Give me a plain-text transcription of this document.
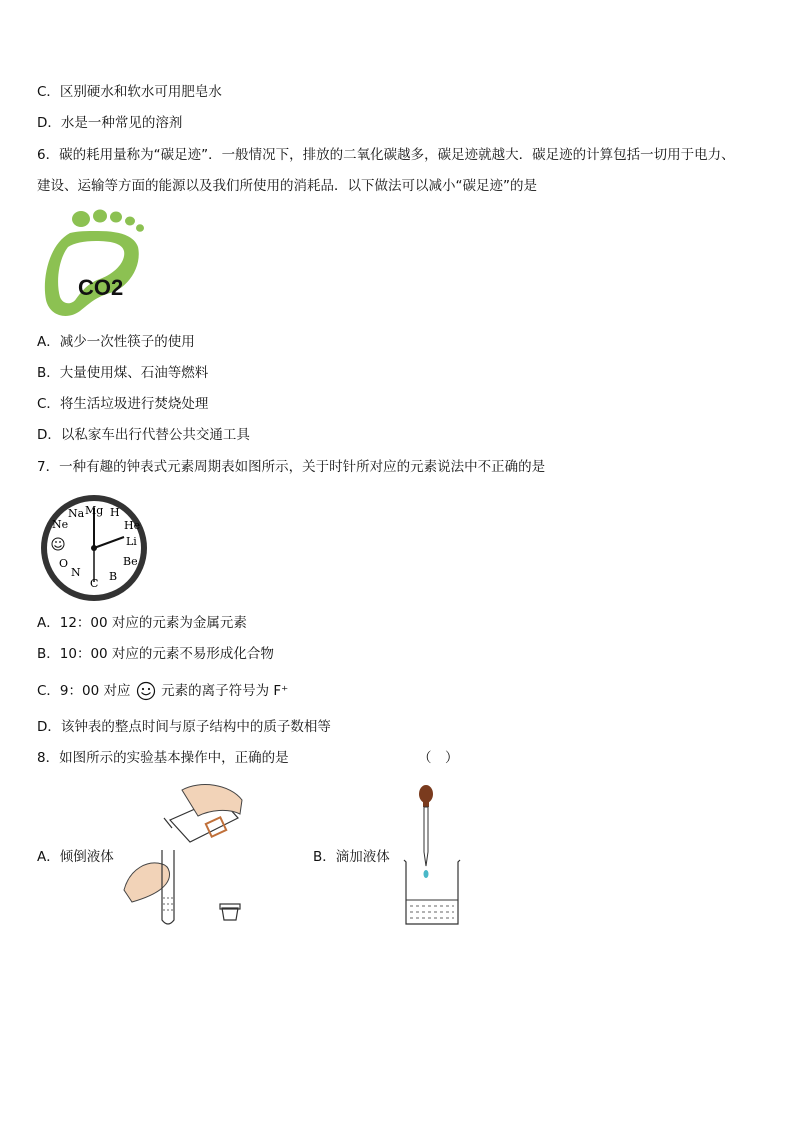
C．区别硬水和软水可用肥皂水
D．水是一种常见的溶剂
6．碳的耗用量称为“碳足迹”．一般情况下，排放的二氧化碳越多，碳足迹就越大．碳足迹的计算包括一切用于电力、
建设、运输等方面的能源以及我们所使用的消耗品．以下做法可以减小“碳足迹”的是
CO2
A．减少一次性筷子的使用
B．大量使用煤、石油等燃料
C．将生活垃圾进行焚烧处理
D．以私家车出行代替公共交通工具
7．一种有趣的钟表式元素周期表如图所示，关于时针所对应的元素说法中不正确的是
Mg H
He
Li
Be
B
C
N
O
Ne
Na
A．12：00 对应的元素为金属元素
B．10：00 对应的元素不易形成化合物
C．9：00 对应 元素的离子符号为 F⁺
D．该钟表的整点时间与原子结构中的质子数相等
8．如图所示的实验基本操作中，正确的是	（　）
A．倾倒液体	B．滴加液体
